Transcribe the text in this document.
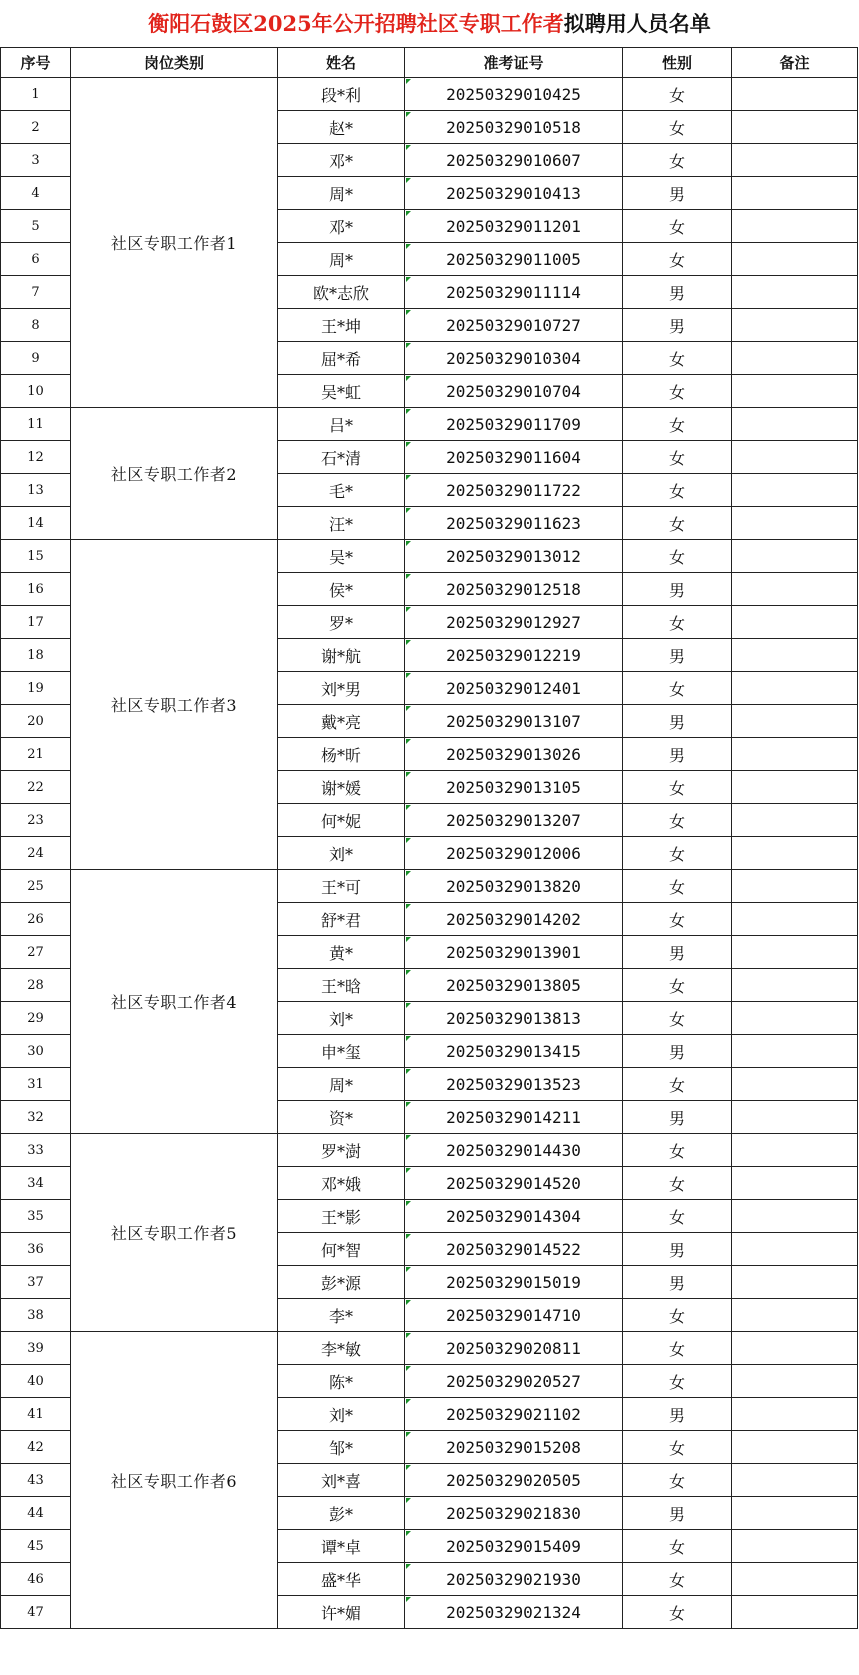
衡阳石鼓区2025年公开招聘社区专职工作者 拟聘用人员名单
序号	岗位类别	姓名	准考证号	性别	备注
1	社区专职工作者1	段*利	20250329010425	女	
2		赵*	20250329010518	女	
3		邓*	20250329010607	女	
4		周*	20250329010413	男	
5		邓*	20250329011201	女	
6		周*	20250329011005	女	
7		欧*志欣	20250329011114	男	
8		王*坤	20250329010727	男	
9		屈*希	20250329010304	女	
10		吴*虹	20250329010704	女	
11	社区专职工作者2	吕*	20250329011709	女	
12		石*清	20250329011604	女	
13		毛*	20250329011722	女	
14		汪*	20250329011623	女	
15	社区专职工作者3	吴*	20250329013012	女	
16		侯*	20250329012518	男	
17		罗*	20250329012927	女	
18		谢*航	20250329012219	男	
19		刘*男	20250329012401	女	
20		戴*亮	20250329013107	男	
21		杨*昕	20250329013026	男	
22		谢*媛	20250329013105	女	
23		何*妮	20250329013207	女	
24		刘*	20250329012006	女	
25	社区专职工作者4	王*可	20250329013820	女	
26		舒*君	20250329014202	女	
27		黄*	20250329013901	男	
28		王*晗	20250329013805	女	
29		刘*	20250329013813	女	
30		申*玺	20250329013415	男	
31		周*	20250329013523	女	
32		资*	20250329014211	男	
33	社区专职工作者5	罗*澍	20250329014430	女	
34		邓*娥	20250329014520	女	
35		王*影	20250329014304	女	
36		何*智	20250329014522	男	
37		彭*源	20250329015019	男	
38		李*	20250329014710	女	
39	社区专职工作者6	李*敏	20250329020811	女	
40		陈*	20250329020527	女	
41		刘*	20250329021102	男	
42		邹*	20250329015208	女	
43		刘*喜	20250329020505	女	
44		彭*	20250329021830	男	
45		谭*卓	20250329015409	女	
46		盛*华	20250329021930	女	
47		许*媚	20250329021324	女	
